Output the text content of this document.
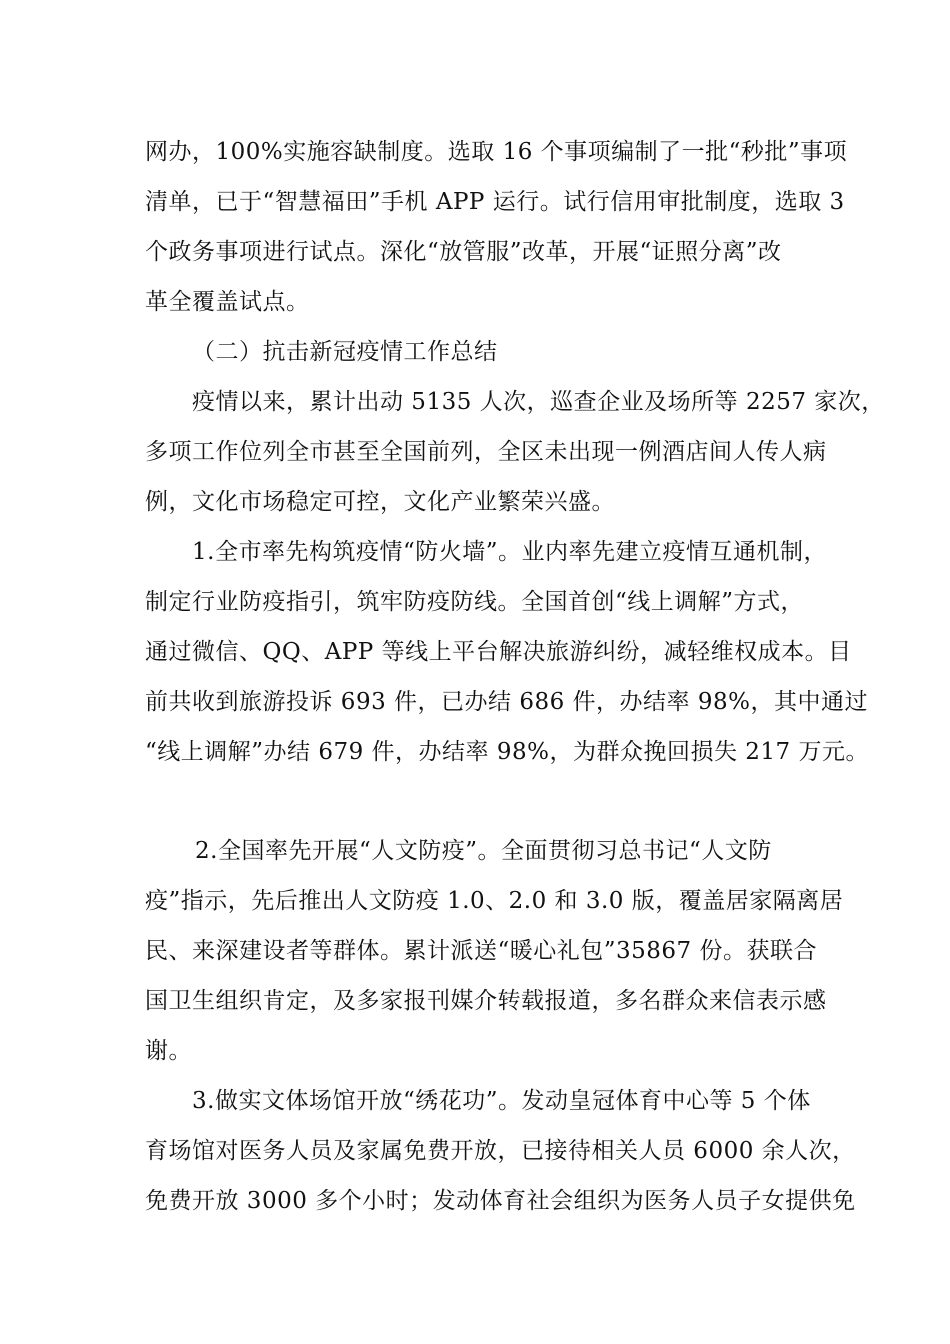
网办，100%实施容缺制度。选取 16 个事项编制了一批“秒批”事项
清单，已于“智慧福田”手机 APP 运行。试行信用审批制度，选取 3
个政务事项进行试点。深化“放管服”改革，开展“证照分离”改
革全覆盖试点。
（二）抗击新冠疫情工作总结
疫情以来，累计出动 5135 人次，巡查企业及场所等 2257 家次，
多项工作位列全市甚至全国前列，全区未出现一例酒店间人传人病
例，文化市场稳定可控，文化产业繁荣兴盛。
1.全市率先构筑疫情“防火墙”。业内率先建立疫情互通机制，
制定行业防疫指引，筑牢防疫防线。全国首创“线上调解”方式，
通过微信、QQ、APP 等线上平台解决旅游纠纷，减轻维权成本。目
前共收到旅游投诉 693 件，已办结 686 件，办结率 98%，其中通过
“线上调解”办结 679 件，办结率 98%，为群众挽回损失 217 万元。
2.全国率先开展“人文防疫”。全面贯彻习总书记“人文防
疫”指示，先后推出人文防疫 1.0、2.0 和 3.0 版，覆盖居家隔离居
民、来深建设者等群体。累计派送“暖心礼包”35867 份。获联合
国卫生组织肯定，及多家报刊媒介转载报道，多名群众来信表示感
谢。
3.做实文体场馆开放“绣花功”。发动皇冠体育中心等 5 个体
育场馆对医务人员及家属免费开放，已接待相关人员 6000 余人次，
免费开放 3000 多个小时；发动体育社会组织为医务人员子女提供免
